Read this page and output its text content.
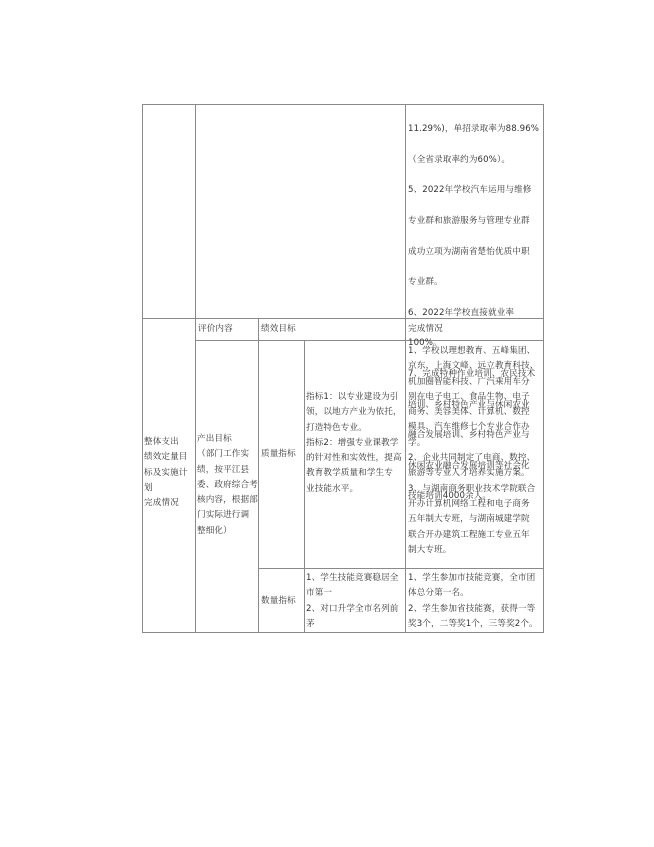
11.29%)，单招录取率为88.96%

（全省录取率约为60%）。

5、2022年学校汽车运用与维修

专业群和旅游服务与管理专业群

成功立项为湖南省楚怡优质中职

专业群。

6、2022年学校直接就业率

100%。

7、完成特种作业培训、农民技术

培训、乡村特色产业与休闲农业

融合发展培训、乡村特色产业与

休闲农业融合发展培训等社会化

技能培训4000余人。

整体支出
绩效定量目
标及实施计
划
完成情况
评价内容	绩效目标	完成情况
产出目标
（部门工作实
绩，按平江县
委、政府综合考
核内容，根据部
门实际进行调
整细化）
质量指标
指标1：以专业建设为引
领，以地方产业为依托，
打造特色专业。
指标2：增强专业课教学
的针对性和实效性，提高
教育教学质量和学生专
业技能水平。
1、学校以理想教育、五峰集团、
京东、上海文峰、远立教育科技、
机加圈智能科技、广汽乘用车分
别在电子电工、食品生物、电子
商务、美容美体、计算机、数控
模具、汽车维修七个专业合作办
学。
2、企业共同制定了电商、数控、
旅游等专业人才培养实施方案。
3、与湖南商务职业技术学院联合
开办计算机网络工程和电子商务
五年制大专班，与湖南城建学院
联合开办建筑工程施工专业五年
制大专班。
数量指标
1、学生技能竞赛稳居全
市第一
2、对口升学全市名列前
茅
1、学生参加市技能竞赛，全市团
体总分第一名。
2、学生参加省技能赛，获得一等
奖3个，二等奖1个，三等奖2个。
